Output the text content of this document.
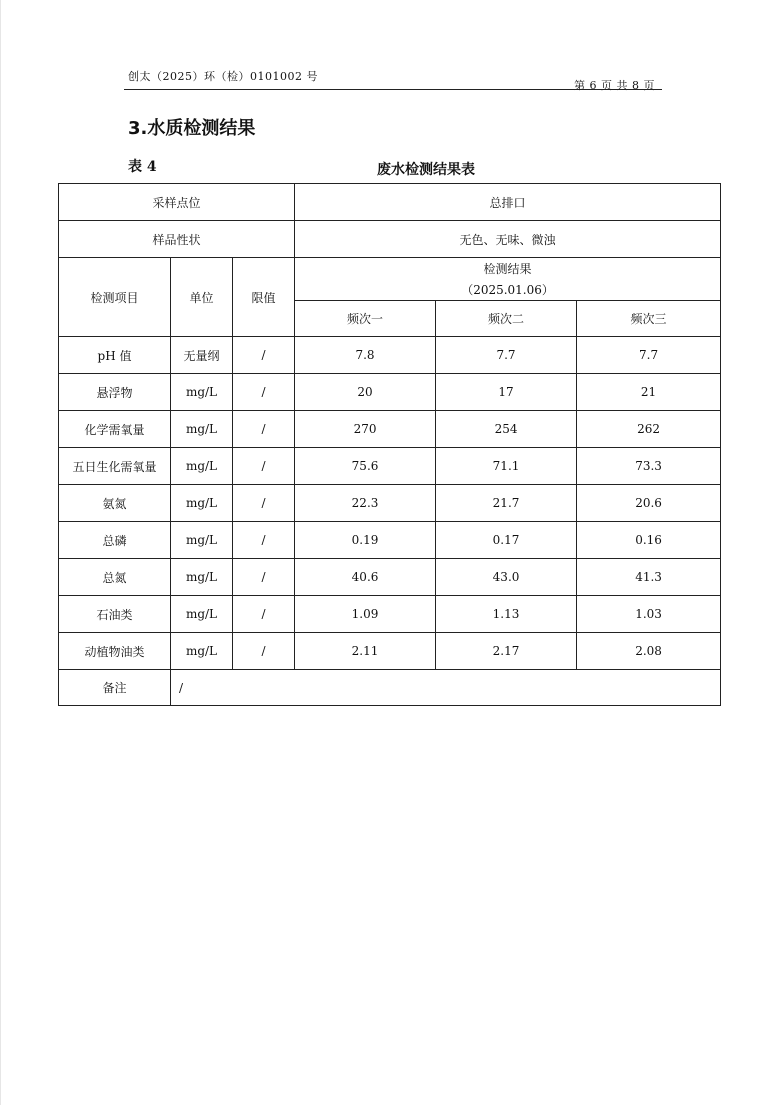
创太（2025）环（检）0101002 号
第 6 页 共 8 页
3.水质检测结果
表 4	废水检测结果表
采样点位			总排口		
样品性状			无色、无味、微浊		
检测项目	单位	限值	检测结果
（2025.01.06）		

			频次一	频次二	频次三
pH 值	无量纲	/	7.8	7.7	7.7
悬浮物	mg/L	/	20	17	21
化学需氧量	mg/L	/	270	254	262
五日生化需氧量	mg/L	/	75.6	71.1	73.3
氨氮	mg/L	/	22.3	21.7	20.6
总磷	mg/L	/	0.19	0.17	0.16
总氮	mg/L	/	40.6	43.0	41.3
石油类	mg/L	/	1.09	1.13	1.03
动植物油类	mg/L	/	2.11	2.17	2.08
备注	/				
